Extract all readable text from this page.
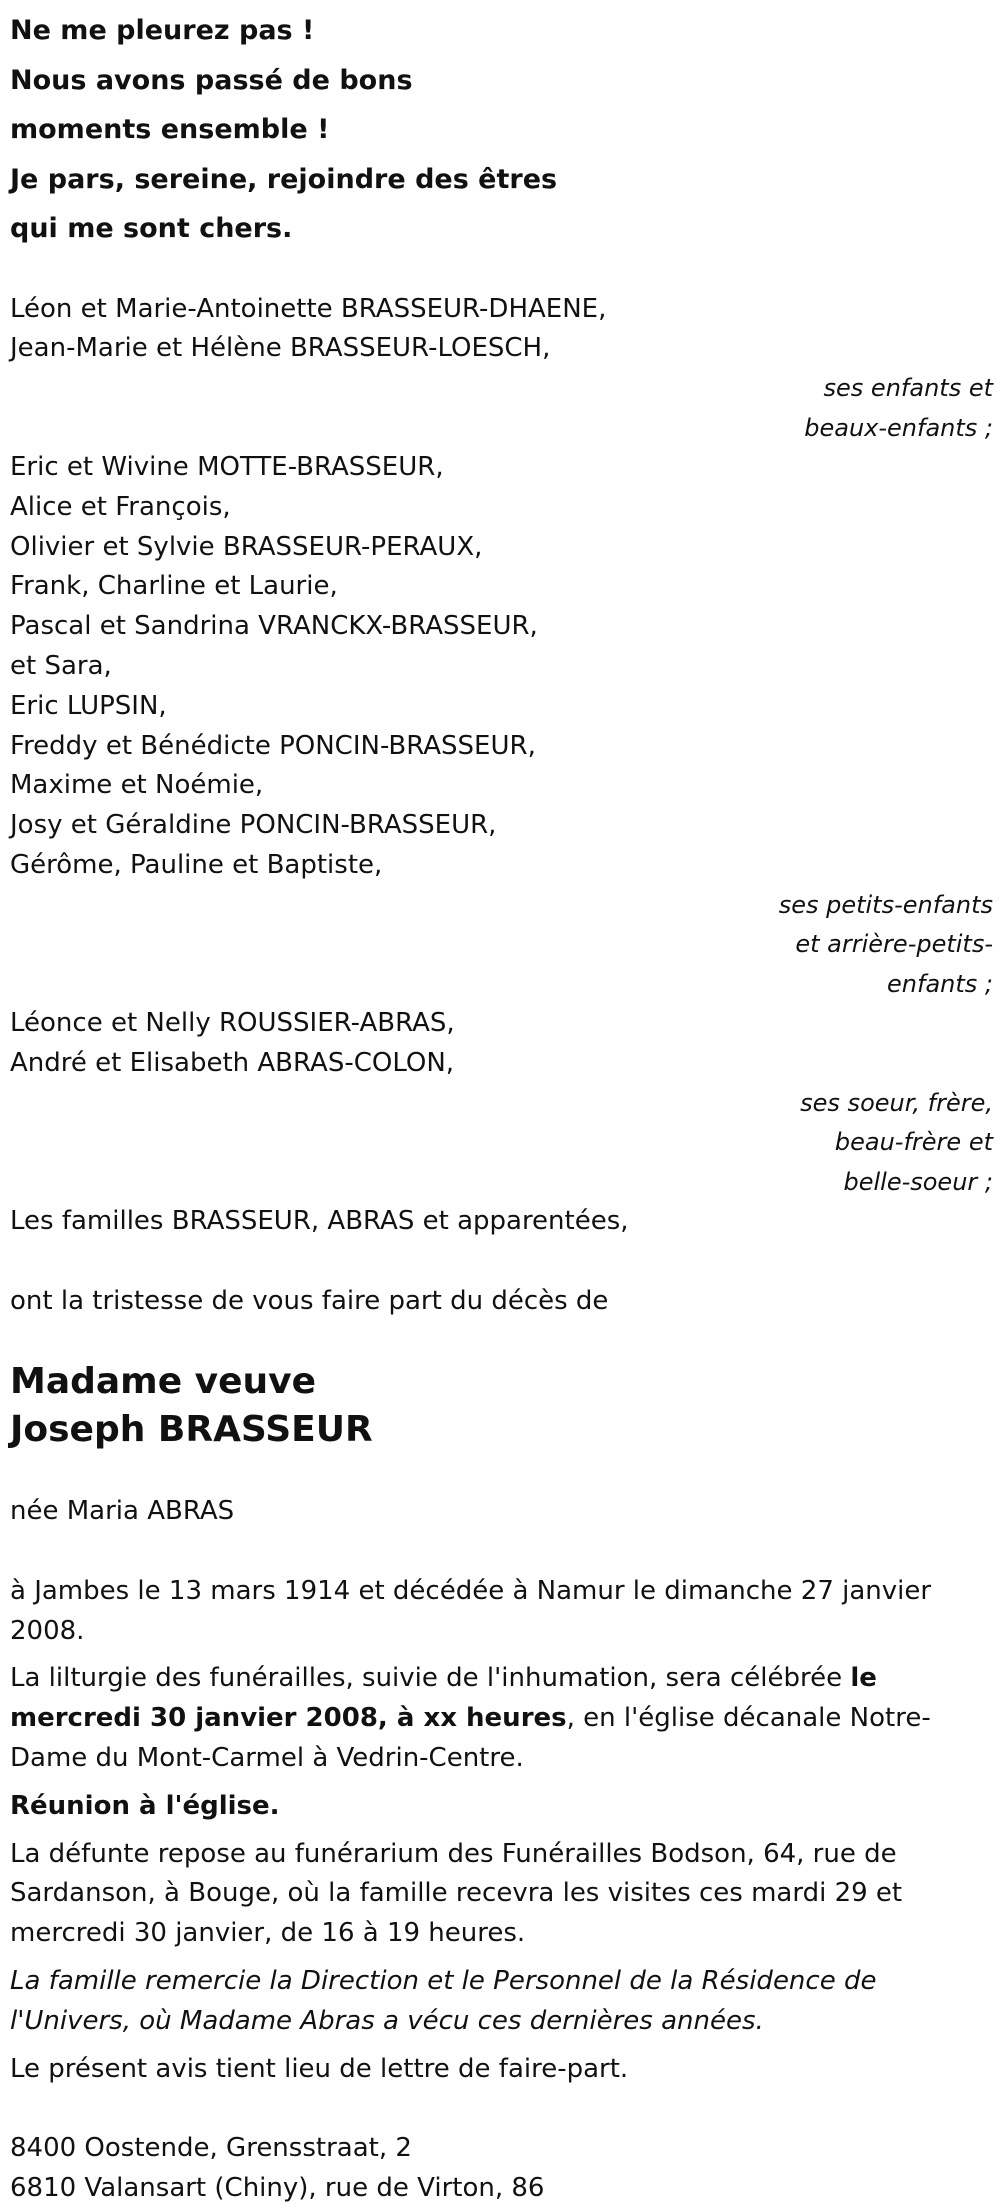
Ne me pleurez pas !
Nous avons passé de bons
moments ensemble !
Je pars, sereine, rejoindre des êtres
qui me sont chers.
Léon et Marie-Antoinette BRASSEUR-DHAENE,
Jean-Marie et Hélène BRASSEUR-LOESCH,
ses enfants et
beaux-enfants ;
Eric et Wivine MOTTE-BRASSEUR,
Alice et François,
Olivier et Sylvie BRASSEUR-PERAUX,
Frank, Charline et Laurie,
Pascal et Sandrina VRANCKX-BRASSEUR,
et Sara,
Eric LUPSIN,
Freddy et Bénédicte PONCIN-BRASSEUR,
Maxime et Noémie,
Josy et Géraldine PONCIN-BRASSEUR,
Gérôme, Pauline et Baptiste,
ses petits-enfants
et arrière-petits-
enfants ;
Léonce et Nelly ROUSSIER-ABRAS,
André et Elisabeth ABRAS-COLON,
ses soeur, frère,
beau-frère et
belle-soeur ;
Les familles BRASSEUR, ABRAS et apparentées,
ont la tristesse de vous faire part du décès de
Madame veuve
Joseph BRASSEUR
née Maria ABRAS
à Jambes le 13 mars 1914 et décédée à Namur le dimanche 27 janvier 2008.
La lilturgie des funérailles, suivie de l'inhumation, sera célébrée le mercredi 30 janvier 2008, à xx heures, en l'église décanale Notre-Dame du Mont-Carmel à Vedrin-Centre.
Réunion à l'église.
La défunte repose au funérarium des Funérailles Bodson, 64, rue de Sardanson, à Bouge, où la famille recevra les visites ces mardi 29 et mercredi 30 janvier, de 16 à 19 heures.
La famille remercie la Direction et le Personnel de la Résidence de l'Univers, où Madame Abras a vécu ces dernières années.
Le présent avis tient lieu de lettre de faire-part.
8400 Oostende, Grensstraat, 2
6810 Valansart (Chiny), rue de Virton, 86
